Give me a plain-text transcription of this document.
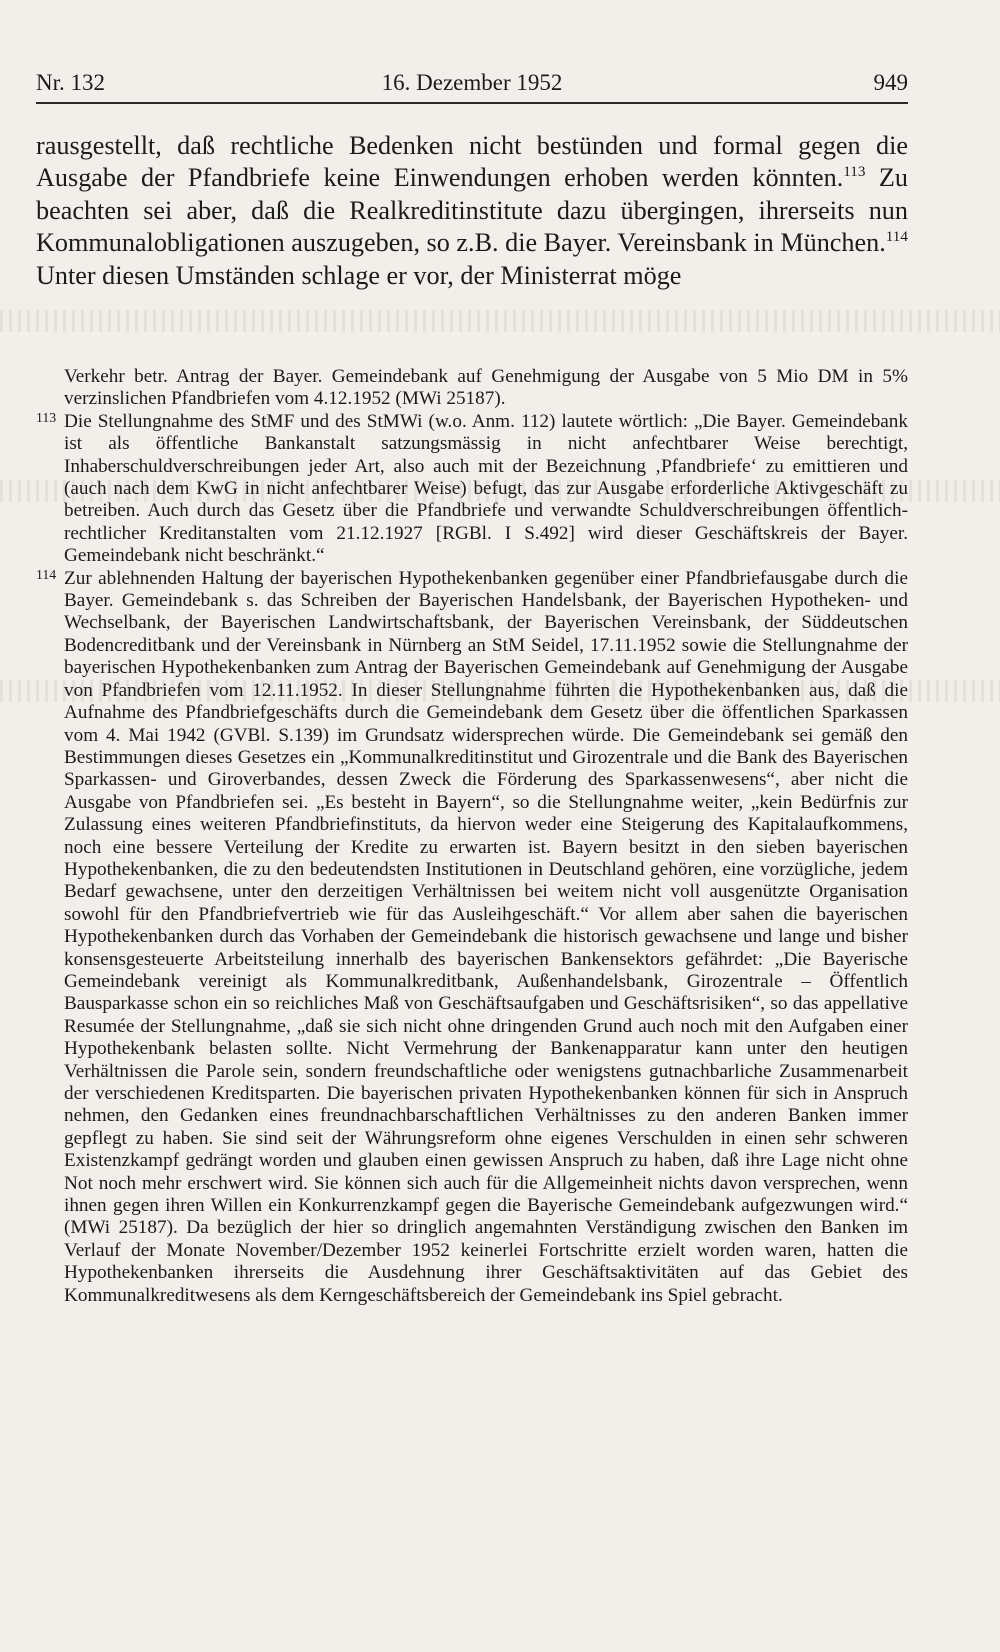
Nr. 132	16. Dezember 1952	949

rausgestellt, daß rechtliche Bedenken nicht bestünden und formal gegen die Ausgabe der Pfandbriefe keine Einwendungen erhoben werden könnten.$^{113}$ Zu beachten sei aber, daß die Realkreditinstitute dazu übergingen, ihrerseits nun Kommunalobligationen auszugeben, so z.B. die Bayer. Vereinsbank in München.$^{114}$ Unter diesen Umständen schlage er vor, der Ministerrat möge

Verkehr betr. Antrag der Bayer. Gemeindebank auf Genehmigung der Ausgabe von 5 Mio DM in 5% verzinslichen Pfandbriefen vom 4.12.1952 (MWi 25187).

113 Die Stellungnahme des StMF und des StMWi (w.o. Anm. 112) lautete wörtlich: „Die Bayer. Gemeindebank ist als öffentliche Bankanstalt satzungsmässig in nicht anfechtbarer Weise berechtigt, Inhaberschuldverschreibungen jeder Art, also auch mit der Bezeichnung ‚Pfandbriefe‘ zu emittieren und (auch nach dem KwG in nicht anfechtbarer Weise) befugt, das zur Ausgabe erforderliche Aktivgeschäft zu betreiben. Auch durch das Gesetz über die Pfandbriefe und verwandte Schuldverschreibungen öffentlich-rechtlicher Kreditanstalten vom 21.12.1927 [RGBl. I S.492] wird dieser Geschäftskreis der Bayer. Gemeindebank nicht beschränkt.“

114 Zur ablehnenden Haltung der bayerischen Hypothekenbanken gegenüber einer Pfandbriefausgabe durch die Bayer. Gemeindebank s. das Schreiben der Bayerischen Handelsbank, der Bayerischen Hypotheken- und Wechselbank, der Bayerischen Landwirtschaftsbank, der Bayerischen Vereinsbank, der Süddeutschen Bodencreditbank und der Vereinsbank in Nürnberg an StM Seidel, 17.11.1952 sowie die Stellungnahme der bayerischen Hypothekenbanken zum Antrag der Bayerischen Gemeindebank auf Genehmigung der Ausgabe von Pfandbriefen vom 12.11.1952. In dieser Stellungnahme führten die Hypothekenbanken aus, daß die Aufnahme des Pfandbriefgeschäfts durch die Gemeindebank dem Gesetz über die öffentlichen Sparkassen vom 4. Mai 1942 (GVBl. S.139) im Grundsatz widersprechen würde. Die Gemeindebank sei gemäß den Bestimmungen dieses Gesetzes ein „Kommunalkreditinstitut und Girozentrale und die Bank des Bayerischen Sparkassen- und Giroverbandes, dessen Zweck die Förderung des Sparkassenwesens“, aber nicht die Ausgabe von Pfandbriefen sei. „Es besteht in Bayern“, so die Stellungnahme weiter, „kein Bedürfnis zur Zulassung eines weiteren Pfandbriefinstituts, da hiervon weder eine Steigerung des Kapitalaufkommens, noch eine bessere Verteilung der Kredite zu erwarten ist. Bayern besitzt in den sieben bayerischen Hypothekenbanken, die zu den bedeutendsten Institutionen in Deutschland gehören, eine vorzügliche, jedem Bedarf gewachsene, unter den derzeitigen Verhältnissen bei weitem nicht voll ausgenützte Organisation sowohl für den Pfandbriefvertrieb wie für das Ausleihgeschäft.“ Vor allem aber sahen die bayerischen Hypothekenbanken durch das Vorhaben der Gemeindebank die historisch gewachsene und lange und bisher konsensgesteuerte Arbeitsteilung innerhalb des bayerischen Bankensektors gefährdet: „Die Bayerische Gemeindebank vereinigt als Kommunalkreditbank, Außenhandelsbank, Girozentrale – Öffentlich Bausparkasse schon ein so reichliches Maß von Geschäftsaufgaben und Geschäftsrisiken“, so das appellative Resumée der Stellungnahme, „daß sie sich nicht ohne dringenden Grund auch noch mit den Aufgaben einer Hypothekenbank belasten sollte. Nicht Vermehrung der Bankenapparatur kann unter den heutigen Verhältnissen die Parole sein, sondern freundschaftliche oder wenigstens gutnachbarliche Zusammenarbeit der verschiedenen Kreditsparten. Die bayerischen privaten Hypothekenbanken können für sich in Anspruch nehmen, den Gedanken eines freundnachbarschaftlichen Verhältnisses zu den anderen Banken immer gepflegt zu haben. Sie sind seit der Währungsreform ohne eigenes Verschulden in einen sehr schweren Existenzkampf gedrängt worden und glauben einen gewissen Anspruch zu haben, daß ihre Lage nicht ohne Not noch mehr erschwert wird. Sie können sich auch für die Allgemeinheit nichts davon versprechen, wenn ihnen gegen ihren Willen ein Konkurrenzkampf gegen die Bayerische Gemeindebank aufgezwungen wird.“ (MWi 25187). Da bezüglich der hier so dringlich angemahnten Verständigung zwischen den Banken im Verlauf der Monate November/Dezember 1952 keinerlei Fortschritte erzielt worden waren, hatten die Hypothekenbanken ihrerseits die Ausdehnung ihrer Geschäftsaktivitäten auf das Gebiet des Kommunalkreditwesens als dem Kerngeschäftsbereich der Gemeindebank ins Spiel gebracht.
